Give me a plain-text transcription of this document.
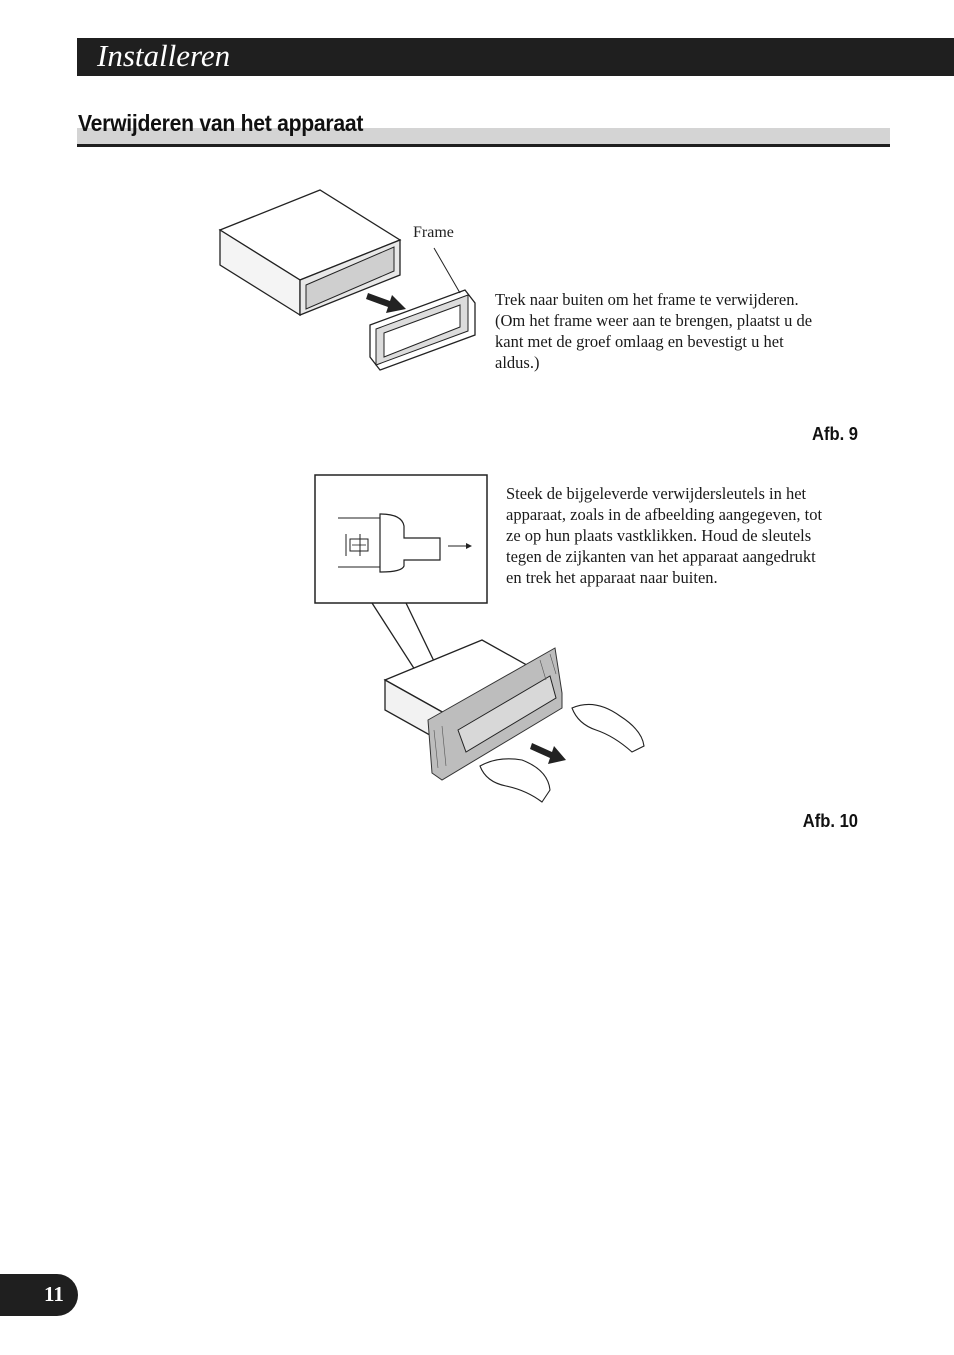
Installeren
Verwijderen van het apparaat
Frame
Trek naar buiten om het frame te verwijderen. (Om het frame weer aan te brengen, plaatst u de kant met de groef omlaag en bevestigt u het aldus.)
Afb. 9
Steek de bijgeleverde verwijdersleutels in het apparaat, zoals in de afbeelding aangegeven, tot ze op hun plaats vastklikken. Houd de sleutels tegen de zijkanten van het apparaat aangedrukt en trek het apparaat naar buiten.
Afb. 10
11
